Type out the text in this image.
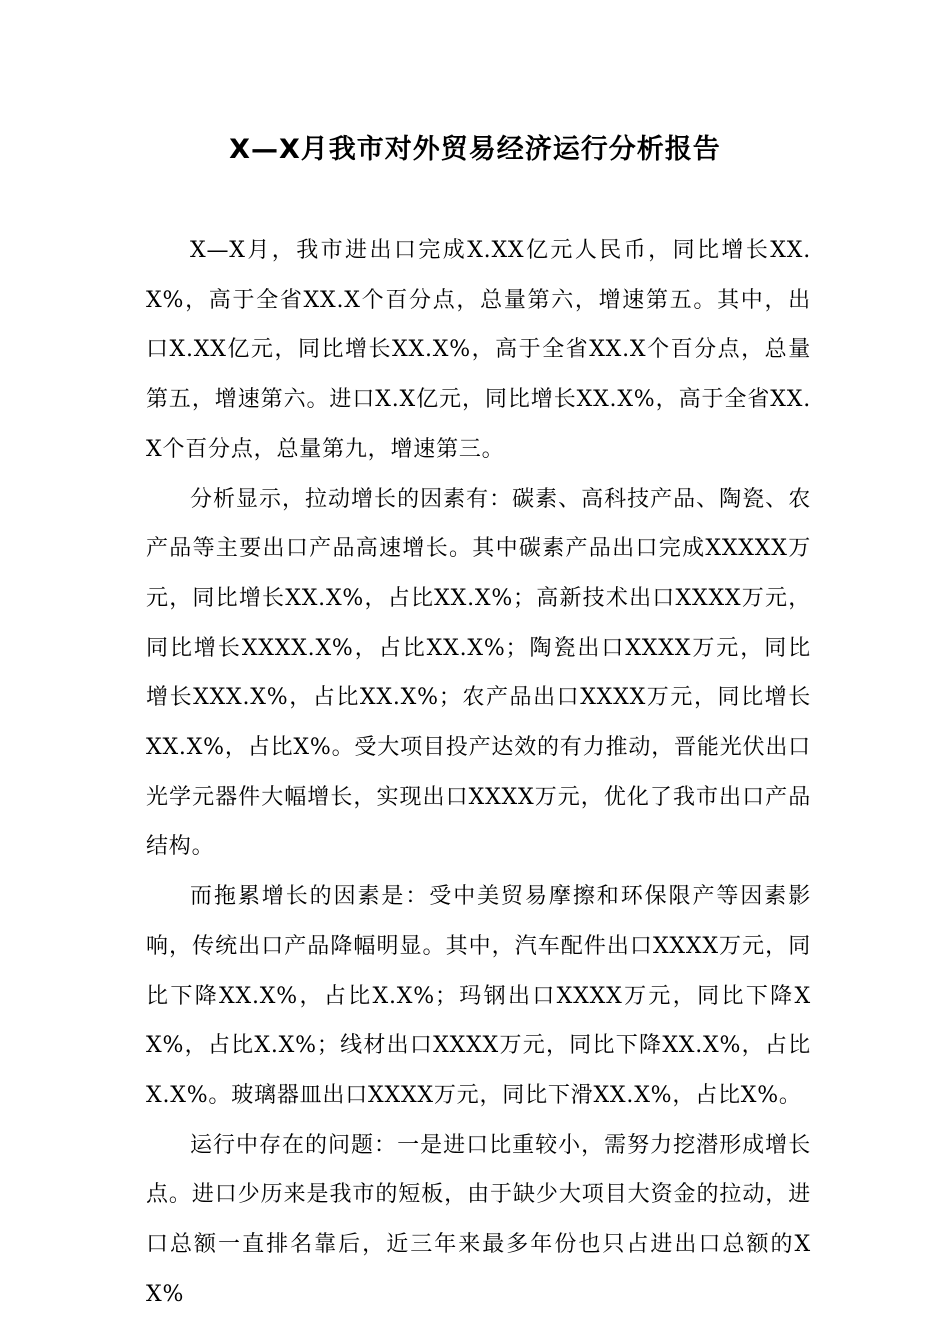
X—X月我市对外贸易经济运行分析报告

X—X月，我市进出口完成X.XX亿元人民币，同比增长XX.X%，高于全省XX.X个百分点，总量第六，增速第五。其中，出口X.XX亿元，同比增长XX.X%，高于全省XX.X个百分点，总量第五，增速第六。进口X.X亿元，同比增长XX.X%，高于全省XX.X个百分点，总量第九，增速第三。

分析显示，拉动增长的因素有：碳素、高科技产品、陶瓷、农产品等主要出口产品高速增长。其中碳素产品出口完成XXXXX万元，同比增长XX.X%，占比XX.X%；高新技术出口XXXX万元，同比增长XXXX.X%，占比XX.X%；陶瓷出口XXXX万元，同比增长XXX.X%，占比XX.X%；农产品出口XXXX万元，同比增长XX.X%，占比X%。受大项目投产达效的有力推动，晋能光伏出口光学元器件大幅增长，实现出口XXXX万元，优化了我市出口产品结构。

而拖累增长的因素是：受中美贸易摩擦和环保限产等因素影响，传统出口产品降幅明显。其中，汽车配件出口XXXX万元，同比下降XX.X%，占比X.X%；玛钢出口XXXX万元，同比下降XX%，占比X.X%；线材出口XXXX万元，同比下降XX.X%，占比X.X%。玻璃器皿出口XXXX万元，同比下滑XX.X%，占比X%。

运行中存在的问题：一是进口比重较小，需努力挖潜形成增长点。进口少历来是我市的短板，由于缺少大项目大资金的拉动，进口总额一直排名靠后，近三年来最多年份也只占进出口总额的XX%
